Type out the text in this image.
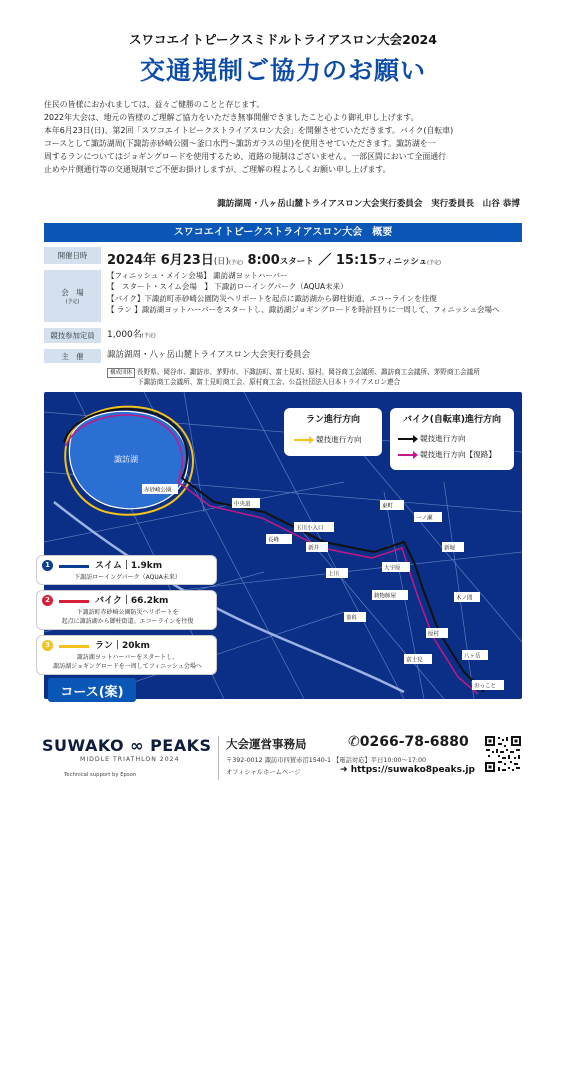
スワコエイトピークスミドルトライアスロン大会2024
交通規制ご協力のお願い

住民の皆様におかれましては、益々ご健勝のことと存じます。

2022年大会は、地元の皆様のご理解ご協力をいただき無事開催できましたこと心より御礼申し上げます。

本年6月23日(日)、第2回「スワコエイトピークストライアスロン大会」を開催させていただきます。バイク(自転車)

コースとして諏訪湖周(下諏訪赤砂崎公園〜釜口水門〜諏訪ガラスの里)を使用させていただきます。諏訪湖を一

周するランについてはジョギングロードを使用するため、道路の規制はございません。一部区間において全面通行

止めや片側通行等の交通規制でご不便お掛けしますが、ご理解の程よろしくお願い申し上げます。

諏訪湖周・八ヶ岳山麓トライアスロン大会実行委員会　実行委員長　山谷 恭博
スワコエイトピークストライアスロン大会　概要
開催日時 2024年 6月23日(日)(予定) 8:00スタート ／ 15:15フィニッシュ(予定)
会　場
(予定)
【フィニッシュ・メイン会場】 諏訪湖ヨットハーバー
【　スタート・スイム会場　】 下諏訪ローイングパーク（AQUA未来）
【バイク】下諏訪町赤砂崎公園防災ヘリポートを起点に諏訪湖から御柱街道、エコーラインを往復
【 ラン 】諏訪湖ヨットハーバーをスタートし、諏訪湖ジョギングロードを時計回りに一周して、フィニッシュ会場へ
競技参加定員 1,000名(予定)
主　催	諏訪湖周・八ヶ岳山麓トライアスロン大会実行委員会
構成団体 長野県、岡谷市、諏訪市、茅野市、下諏訪町、富士見町、原村、岡谷商工会議所、諏訪商工会議所、茅野商工会議所
下諏訪商工会議所、富士見町商工会、原村商工会、公益社団法人日本トライアスロン連合
諏訪湖
赤砂崎公園
中央道
長峰
新井
東町
上川
鋳物師屋
一ノ瀬
新堀
玉川小入口
蓼科
原村
木ノ間
八ヶ岳
富士見
大字原
おっこと
ラン進行方向
競技進行方向
バイク(自転車)進行方向
競技進行方向
競技進行方向【復路】
道路使用許可を申請の上、大会当日は許可された範囲
で公道を使用させていただきます。当日は混雑が予測
されるため、ご協力をお願いいたします。
1	スイム｜1.9km
下諏訪ローイングパーク（AQUA未来）
2	バイク｜66.2km
下諏訪町赤砂崎公園防災ヘリポートを
起点に諏訪湖から御柱街道、エコーラインを往復
3	ラン｜20km
諏訪湖ヨットハーバーをスタートし、
諏訪湖ジョギングロードを一周してフィニッシュ会場へ
コース(案)
SUWAKO ∞ PEAKS
MIDDLE TRIATHLON 2024
Technical support by Epson
大会運営事務局	✆0266-78-6880
〒392-0012 諏訪市四賀赤沼1540-1 【電話対応】平日10:00〜17:00
オフィシャルホームページ	➜ https://suwako8peaks.jp
